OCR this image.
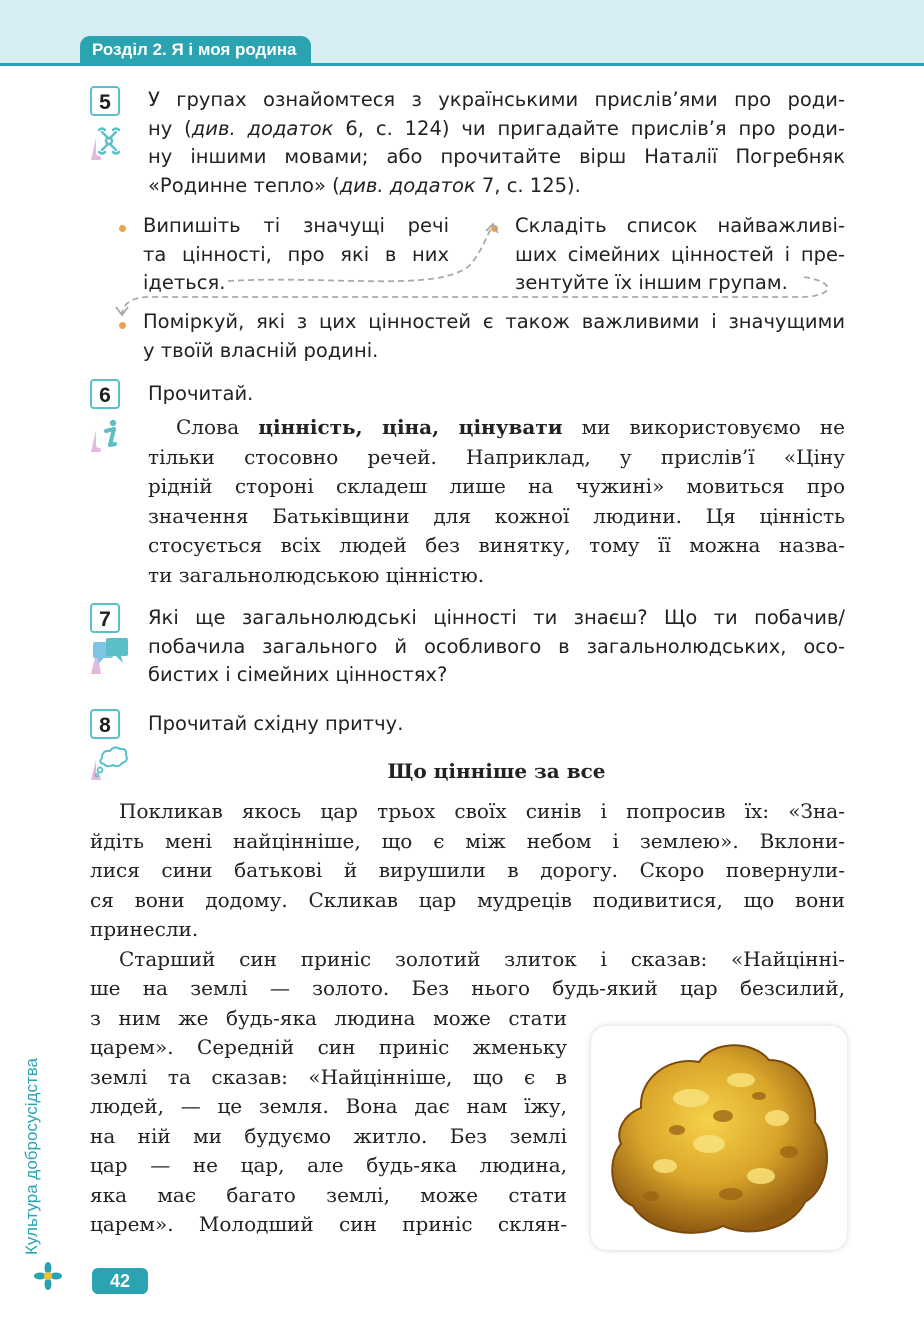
Розділ 2. Я і моя родина
5	У групах ознайомтеся з українськими прислів’ями про роди-
ну (див. додаток 6, с. 124) чи пригадайте прислів’я про роди-
ну іншими мовами; або прочитайте вірш Наталії Погребняк
«Родинне тепло» (див. додаток 7, с. 125).
Випишіть ті значущі речі
та цінності, про які в них
ідеться.
Складіть список найважливі-
ших сімейних цінностей і пре-
зентуйте їх іншим групам.
Поміркуй, які з цих цінностей є також важливими і значущими
у твоїй власній родині.
6	Прочитай.
Слова цінність, ціна, цінувати ми використовуємо не
тільки стосовно речей. Наприклад, у прислів’ї «Ціну
рідній стороні складеш лише на чужині» мовиться про
значення Батьківщини для кожної людини. Ця цінність
стосується всіх людей без винятку, тому її можна назва-
ти загальнолюдською цінністю.
7	Які ще загальнолюдські цінності ти знаєш? Що ти побачив/
побачила загального й особливого в загальнолюдських, осо-
бистих і сімейних цінностях?
8	Прочитай східну притчу.
Що цінніше за все
Покликав якось цар трьох своїх синів і попросив їх: «Зна-
йдіть мені найцінніше, що є між небом і землею». Вклони-
лися сини батькові й вирушили в дорогу. Скоро повернули-
ся вони додому. Скликав цар мудреців подивитися, що вони
принесли.
Старший син приніс золотий злиток і сказав: «Найцінні-
ше на землі — золото. Без нього будь-який цар безсилий,
з ним же будь-яка людина може стати
царем». Середній син приніс жменьку
землі та сказав: «Найцінніше, що є в
людей, — це земля. Вона дає нам їжу,
на ній ми будуємо житло. Без землі
цар — не цар, але будь-яка людина,
яка має багато землі, може стати
царем». Молодший син приніс склян-
Культура добросусідства
42
